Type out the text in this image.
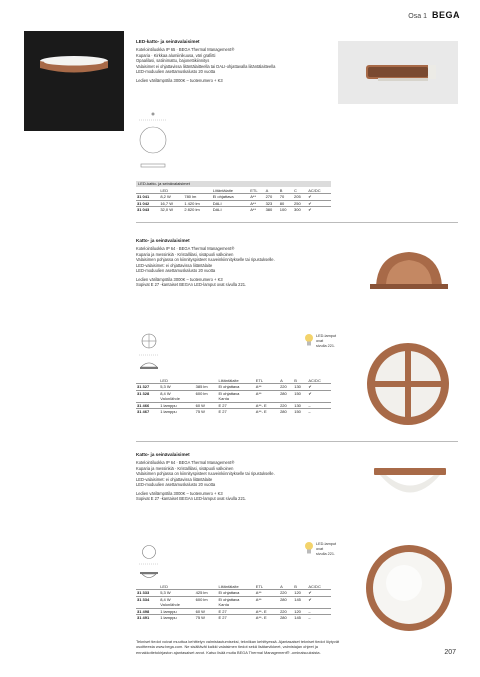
Osa 1 BEGA
LED-katto- ja seinävalaisimet
Kotelointiluokka IP 65 · BEGA Thermal Management®
Kuparia · Kirkkaa alumiinikuusa, väri grafiitti
Opaalilasi, satiinimattu, bajonettikiinnitys
Valaisimet ei ohjattavissa liitäntälaitteella tai DALI-ohjattavalla liitäntälaitteella
LED-moduulien asettamuskalusto 20 vuotta
Ledien värilämpötila 3000K – tuotenumero + K3
LED-katto- ja seinävalaisimet
	LED		Liitäntälaite	ETL	A	B	C	AC/DC
31 041	8,2 W	780 lm	Ei ohjattava	A**	270	70	205	✔
31 042	16,7 W	1 420 lm	DALI	A**	323	80	250	✔
31 043	32,0 W	2 820 lm	DALI	A**	380	100	300	✔
Katto- ja seinävalaisimet
Kotelointiluokka IP 64 · BEGA Thermal Management®
Kuparia ja messinkiä · Kristallilasi, sisäpuoli valkoinen
Valaisimen pohjassa on kiinnityspisteet ruuveinkiinnitykselle tai ripustukselle.
LED-valaisimet: ei ohjattavissa liitäntälaite
LED-moduulien asettamuskalusto 20 vuotta
Ledien värilämpötila 3000K – tuotenumero + K3
Sopivat E 27 -kantaiset BEGAn LED-lamput ovat sivulla 221.
LED-lamput
ovat
sivulla 221.
	LED		Liitäntälaite	ETL		A	B	AC/DC
31 327	5,3 W	385 lm	Ei ohjattava	A**		220	130	✔
31 328	8,4 W	600 lm	Ei ohjattava	A**		280	150	✔
	Valonlähde		Kanta					
31 466	1 lamppu	60 W	E 27	A**- E		220	130	–
31 467	1 lamppu	75 W	E 27	A**- E		280	150	–
Katto- ja seinävalaisimet
Kotelointiluokka IP 64 · BEGA Thermal Management®
Kuparia ja messinkiä · Kristallilasi, sisäpuoli valkoinen
Valaisimen pohjassa on kiinnityspisteet ruuveinkiinnitykselle tai ripustukselle.
LED-valaisimet: ei ohjattavissa liitäntälaite
LED-moduulien asettamuskalusto 20 vuotta
Ledien värilämpötila 3000K – tuotenumero + K3
Sopivat E 27 -kantaiset BEGAn LED-lamput ovat sivulla 221.
LED-lamput
ovat
sivulla 221.
	LED		Liitäntälaite	ETL		A	B	AC/DC
31 333	5,3 W	425 lm	Ei ohjattava	A**		220	120	✔
31 334	8,4 W	600 lm	Ei ohjattava	A**		280	145	✔
	Valonlähde		Kanta					
31 498	1 lamppu	60 W	E 27	A**- E		220	120	–
31 491	1 lamppu	75 W	E 27	A**- E		280	145	–
Tekniset tiedot voivat muuttua kehittelyn valmistautumiseksi, tekniikan kehittyessä. Ajantasaiset tekniset tiedot löytyvät
osoitteesta www.bega.com. Ne sisältävät kaikki valaisimen tiedot sekä lisätarvikkeet, valmistajan ohjeet ja
ennakkotietokirjaston ajantasaiset arvot. Katso lisää muita BEGA Thermal Management® -ominaisuuksista.	207
